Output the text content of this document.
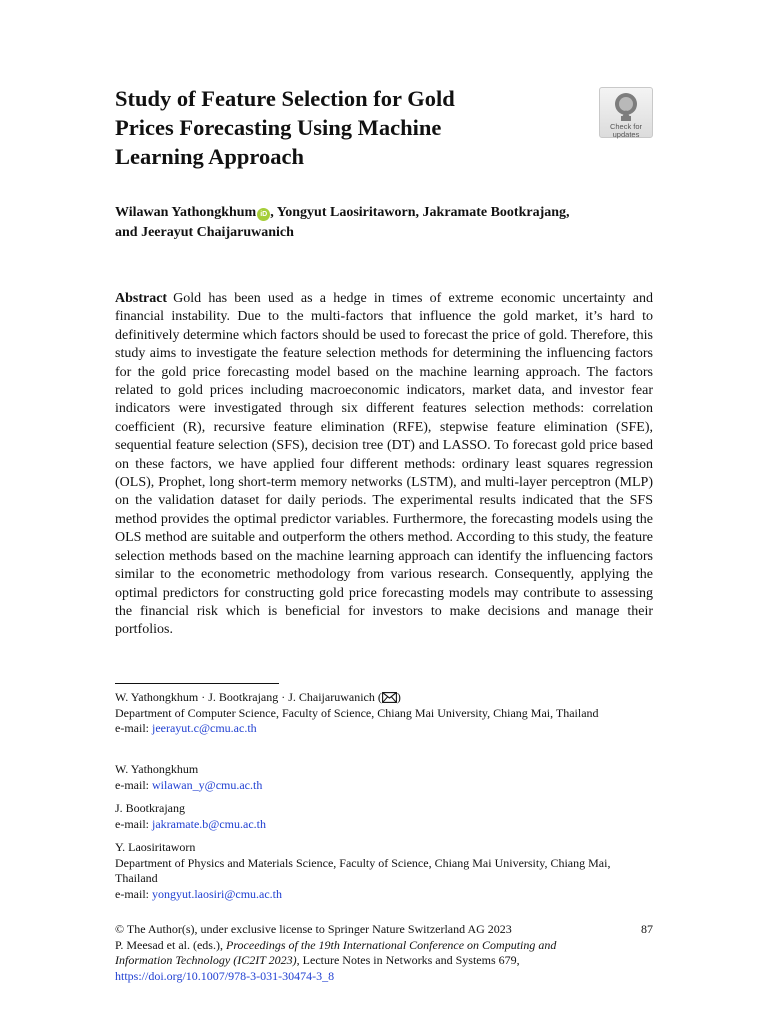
Study of Feature Selection for Gold
Prices Forecasting Using Machine
Learning Approach
Check for
updates
Wilawan Yathongkhum iD , Yongyut Laosiritaworn, Jakramate Bootkrajang,
and Jeerayut Chaijaruwanich

Abstract Gold has been used as a hedge in times of extreme economic uncertainty and financial instability. Due to the multi-factors that influence the gold market, it’s hard to definitively determine which factors should be used to forecast the price of gold. Therefore, this study aims to investigate the feature selection methods for determining the influencing factors for the gold price forecasting model based on the machine learning approach. The factors related to gold prices including macroeconomic indicators, market data, and investor fear indicators were investigated through six different features selection methods: correlation coefficient (R), recursive feature elimination (RFE), stepwise feature elimination (SFE), sequential feature selection (SFS), decision tree (DT) and LASSO. To forecast gold price based on these factors, we have applied four different methods: ordinary least squares regression (OLS), Prophet, long short-term memory networks (LSTM), and multi-layer perceptron (MLP) on the validation dataset for daily periods. The experimental results indicated that the SFS method provides the optimal predictor variables. Furthermore, the forecasting models using the OLS method are suitable and outperform the others method. According to this study, the feature selection methods based on the machine learning approach can identify the influencing factors similar to the econometric methodology from various research. Consequently, applying the optimal predictors for constructing gold price forecasting models may contribute to assessing the financial risk which is beneficial for investors to make decisions and manage their portfolios.

W. Yathongkhum · J. Bootkrajang · J. Chaijaruwanich ( )
Department of Computer Science, Faculty of Science, Chiang Mai University, Chiang Mai, Thailand
e-mail: jeerayut.c@cmu.ac.th
W. Yathongkhum
e-mail: wilawan_y@cmu.ac.th
J. Bootkrajang
e-mail: jakramate.b@cmu.ac.th
Y. Laosiritaworn
Department of Physics and Materials Science, Faculty of Science, Chiang Mai University, Chiang Mai, Thailand
e-mail: yongyut.laosiri@cmu.ac.th
© The Author(s), under exclusive license to Springer Nature Switzerland AG 2023
P. Meesad et al. (eds.), Proceedings of the 19th International Conference on Computing and Information Technology (IC2IT 2023), Lecture Notes in Networks and Systems 679,
https://doi.org/10.1007/978-3-031-30474-3_8
87
